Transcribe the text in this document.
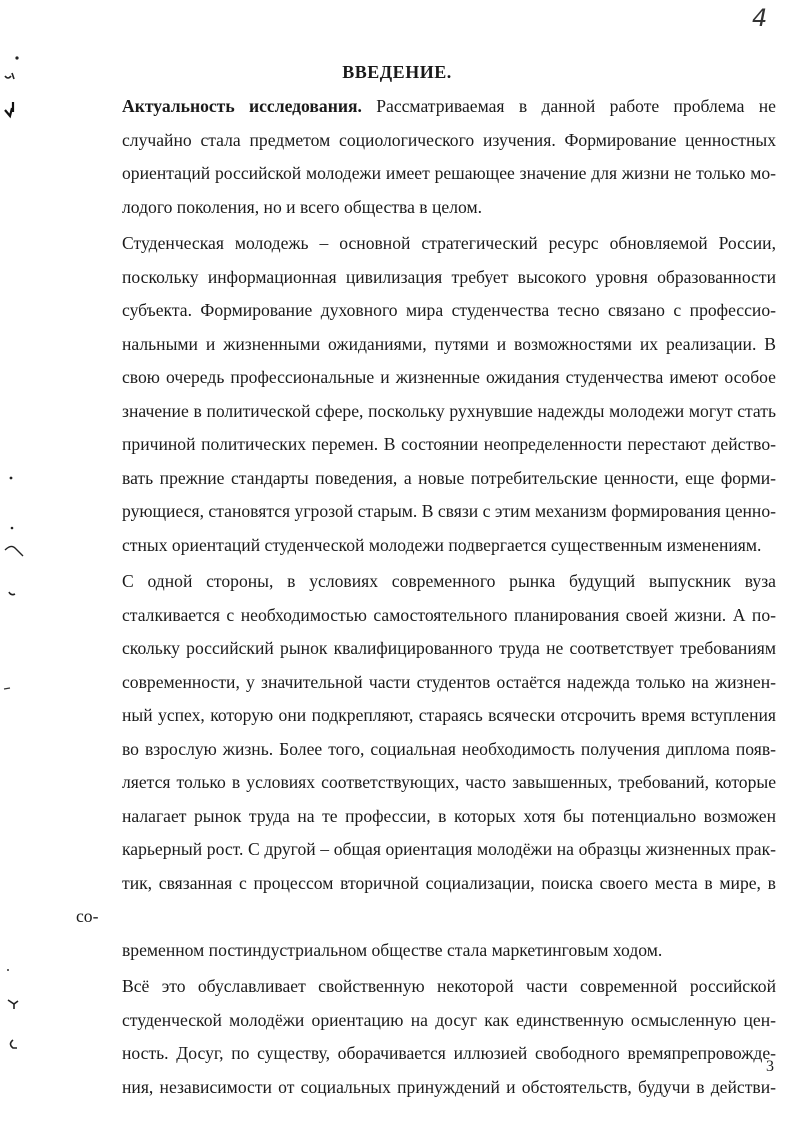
4
ВВЕДЕНИЕ.

Актуальность исследования. Рассматриваемая в данной работе проблема не
случайно стала предметом социологического изучения. Формирование ценностных
ориентаций российской молодежи имеет решающее значение для жизни не только мо-
лодого поколения, но и всего общества в целом.

Студенческая молодежь – основной стратегический ресурс обновляемой России,
поскольку информационная цивилизация требует высокого уровня образованности
субъекта. Формирование духовного мира студенчества тесно связано с профессио-
нальными и жизненными ожиданиями, путями и возможностями их реализации. В
свою очередь профессиональные и жизненные ожидания студенчества имеют особое
значение в политической сфере, поскольку рухнувшие надежды молодежи могут стать
причиной политических перемен. В состоянии неопределенности перестают действо-
вать прежние стандарты поведения, а новые потребительские ценности, еще форми-
рующиеся, становятся угрозой старым. В связи с этим механизм формирования ценно-
стных ориентаций студенческой молодежи подвергается существенным изменениям.

С одной стороны, в условиях современного рынка будущий выпускник вуза
сталкивается с необходимостью самостоятельного планирования своей жизни. А по-
скольку российский рынок квалифицированного труда не соответствует требованиям
современности, у значительной части студентов остаётся надежда только на жизнен-
ный успех, которую они подкрепляют, стараясь всячески отсрочить время вступления
во взрослую жизнь. Более того, социальная необходимость получения диплома появ-
ляется только в условиях соответствующих, часто завышенных, требований, которые
налагает рынок труда на те профессии, в которых хотя бы потенциально возможен
карьерный рост. С другой – общая ориентация молодёжи на образцы жизненных прак-
тик, связанная с процессом вторичной социализации, поиска своего места в мире, в со-
временном постиндустриальном обществе стала маркетинговым ходом.

Всё это обуславливает свойственную некоторой части современной российской
студенческой молодёжи ориентацию на досуг как единственную осмысленную цен-
ность. Досуг, по существу, оборачивается иллюзией свободного времяпрепровожде-
ния, независимости от социальных принуждений и обстоятельств, будучи в действи-

3
